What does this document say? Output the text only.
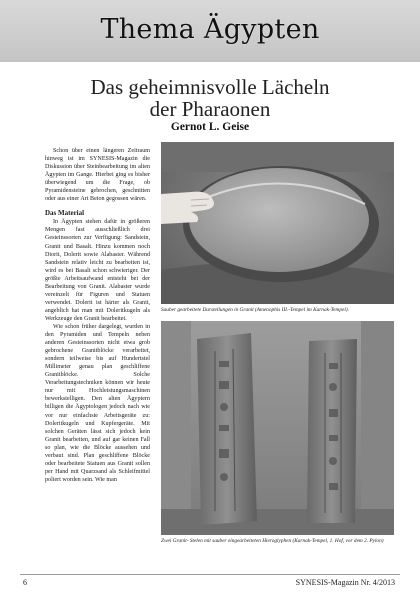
Thema Ägypten
Das geheimnisvolle Lächeln
der Pharaonen
Gernot L. Geise

Schon über einen längeren Zeitraum hinweg ist im SYNESIS-Magazin die Diskussion über Steinbearbeitung im alten Ägypten im Gange. Hierbei ging es bisher überwiegend um die Frage, ob Pyramidensteine gebrochen, geschnitten oder aus einer Art Beton gegossen wären.

Das Material

In Ägypten stehen dafür in größeren Mengen fast ausschließlich drei Gesteinssorten zur Verfügung: Sandstein, Granit und Basalt. Hinzu kommen noch Diorit, Dolerit sowie Alabaster. Während Sandstein relativ leicht zu bearbeiten ist, wird es bei Basalt schon schwieriger. Der größte Arbeitsaufwand entsteht bei der Bearbeitung von Granit. Alabaster wurde vereinzelt für Figuren und Statuen verwendet. Dolerit ist härter als Granit, angeblich hat man mit Doleritkugeln als Werkzeuge den Granit bearbeitet.

Wie schon früher dargelegt, wurden in den Pyramiden und Tempeln neben anderen Gesteinssorten nicht etwa grob gebrochene Granitblöcke verarbeitet, sondern teilweise bis auf Hundertstel Millimeter genau plan geschliffene Granitblöcke. Solche Verarbeitungstechniken können wir heute nur mit Hochleistungsmaschinen bewerkstelligen. Den alten Ägyptern billigen die Ägyptologen jedoch nach wie vor nur einfachste Arbeitsgeräte zu: Doleritkugeln und Kupfergeräte. Mit solchen Geräten lässt sich jedoch kein Granit bearbeiten, und auf gar keinen Fall so plan, wie die Blöcke aussehen und verbaut sind. Plan geschliffene Blöcke oder bearbeitete Statuen aus Granit sollen per Hand mit Quarzsand als Schleifmittel poliert worden sein. Wie man

Sauber gearbeitete Darstellungen in Granit (Amenophis III.-Tempel im Karnak-Tempel).
Zwei Granit- Stelen mit sauber eingearbeiteten Hieroglyphen (Karnak-Tempel, 1. Hof, vor dem 2. Pylon)
6	SYNESIS-Magazin Nr. 4/2013
